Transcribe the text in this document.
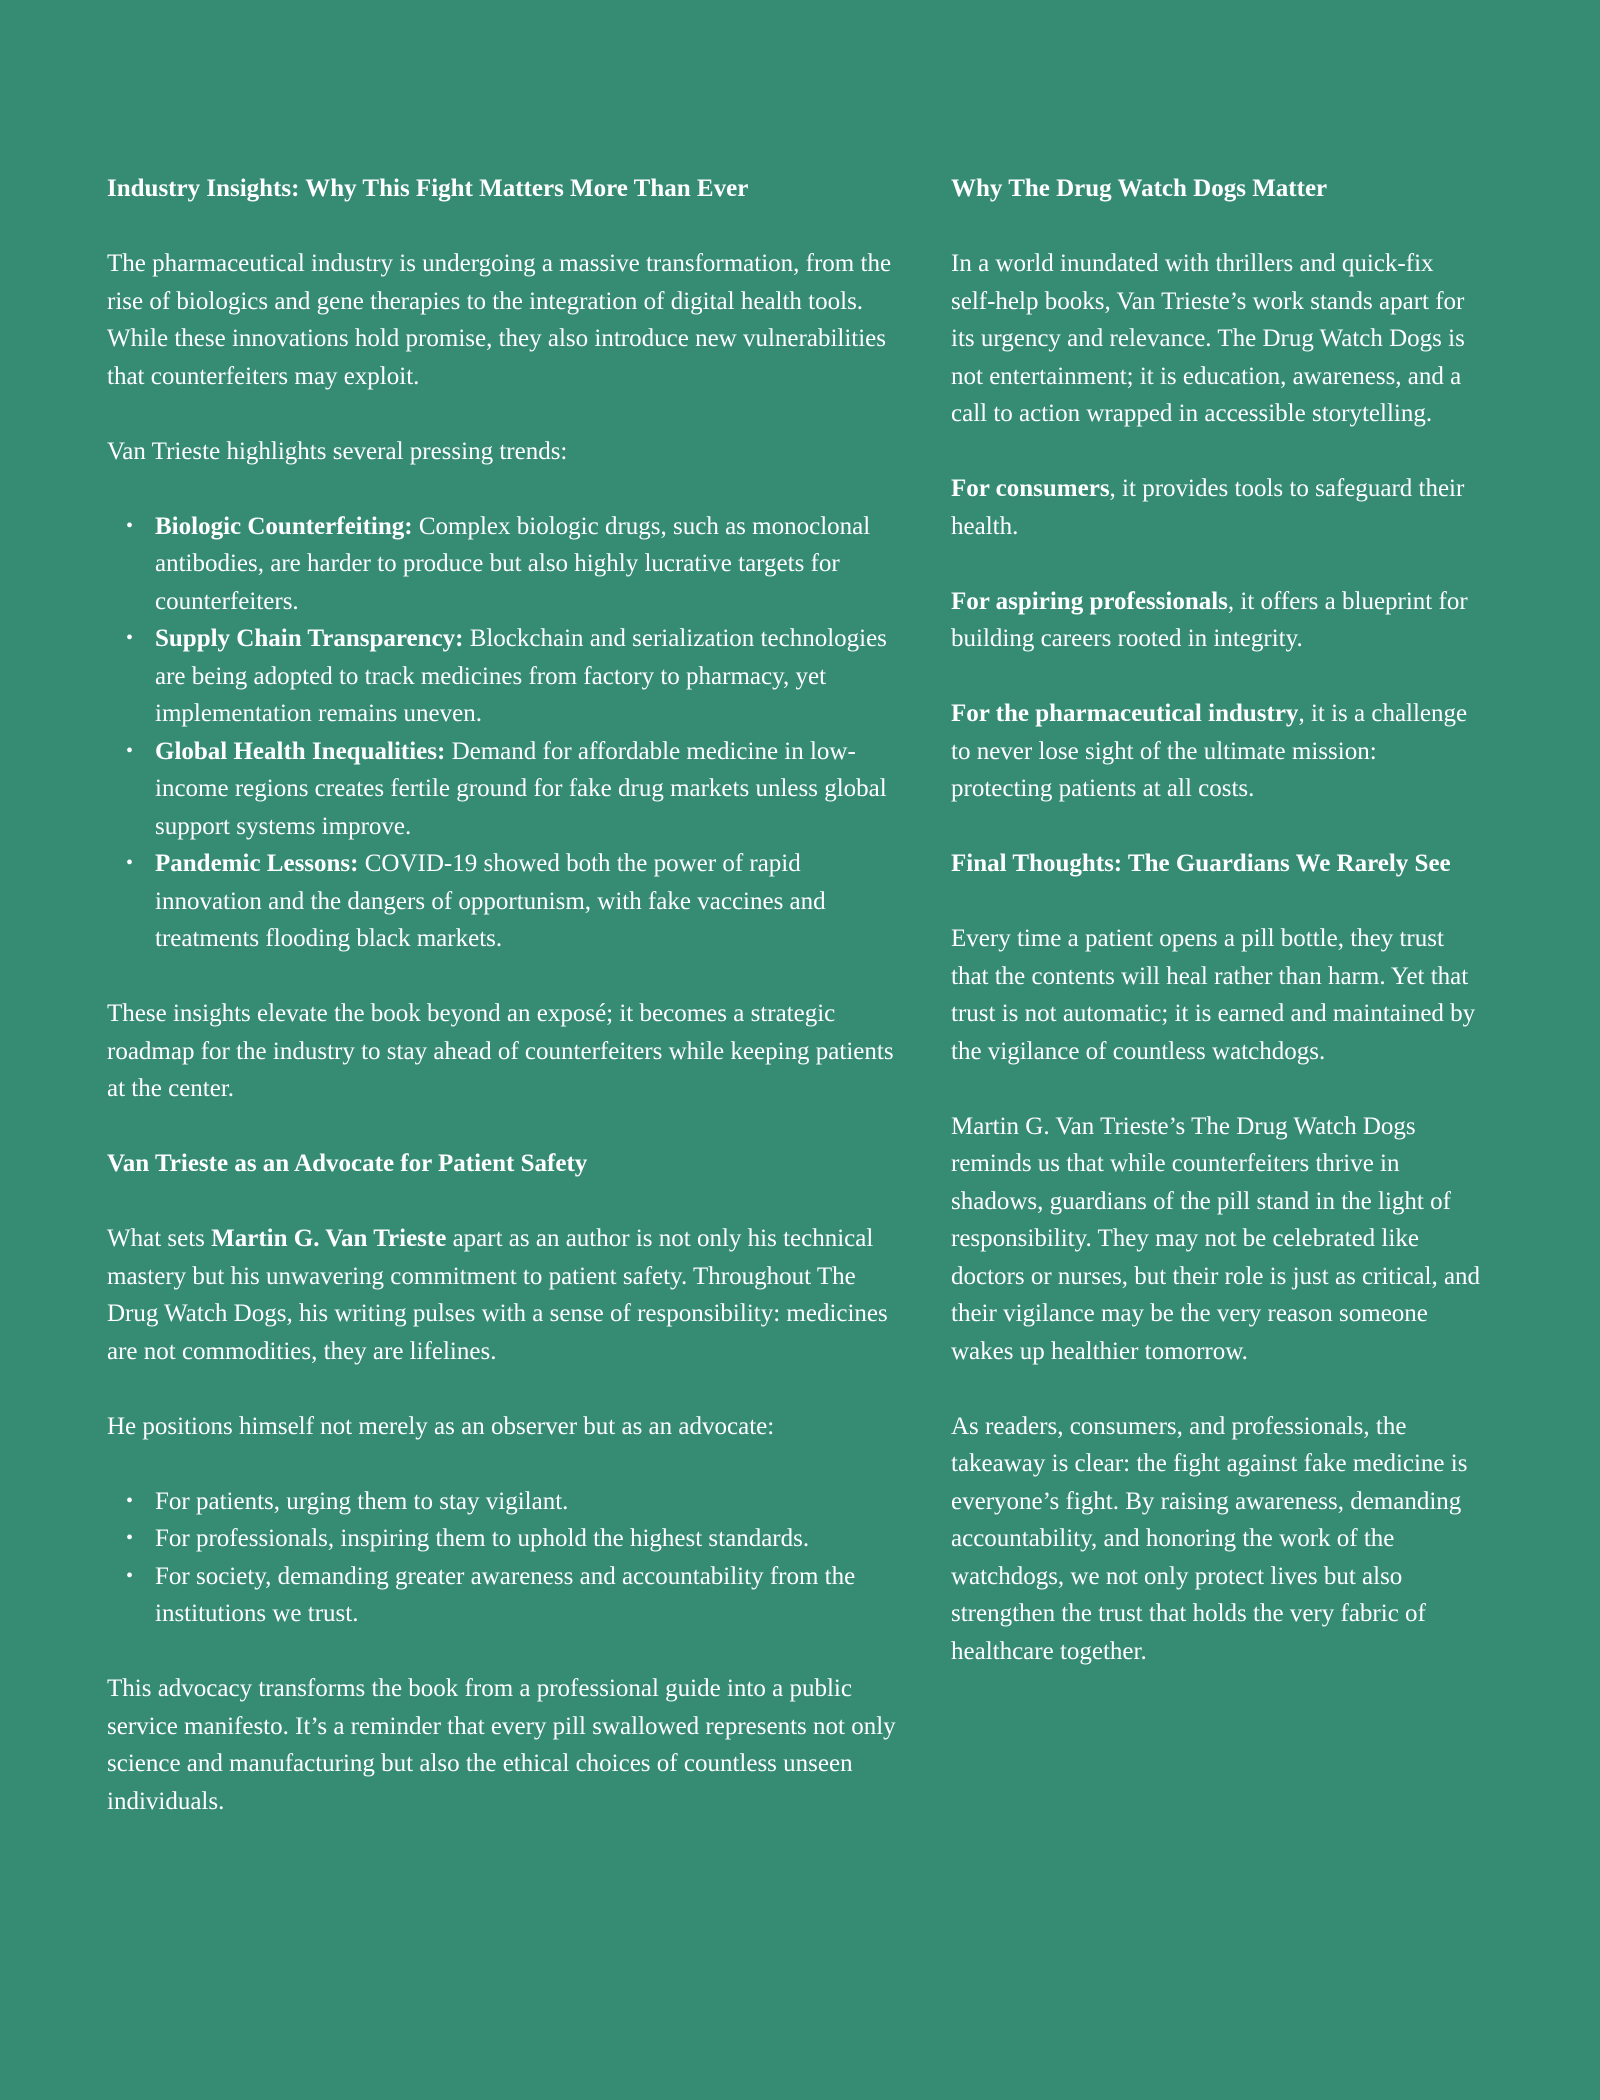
Industry Insights: Why This Fight Matters More Than Ever

The pharmaceutical industry is undergoing a massive transformation, from the rise of biologics and gene therapies to the integration of digital health tools. While these innovations hold promise, they also introduce new vulnerabilities that counterfeiters may exploit.

Van Trieste highlights several pressing trends:

• Biologic Counterfeiting: Complex biologic drugs, such as monoclonal antibodies, are harder to produce but also highly lucrative targets for counterfeiters.
• Supply Chain Transparency: Blockchain and serialization technologies are being adopted to track medicines from factory to pharmacy, yet implementation remains uneven.
• Global Health Inequalities: Demand for affordable medicine in low-income regions creates fertile ground for fake drug markets unless global support systems improve.
• Pandemic Lessons: COVID-19 showed both the power of rapid innovation and the dangers of opportunism, with fake vaccines and treatments flooding black markets.

These insights elevate the book beyond an exposé; it becomes a strategic roadmap for the industry to stay ahead of counterfeiters while keeping patients at the center.

Van Trieste as an Advocate for Patient Safety

What sets Martin G. Van Trieste apart as an author is not only his technical mastery but his unwavering commitment to patient safety. Throughout The Drug Watch Dogs, his writing pulses with a sense of responsibility: medicines are not commodities, they are lifelines.

He positions himself not merely as an observer but as an advocate:

• For patients, urging them to stay vigilant.
• For professionals, inspiring them to uphold the highest standards.
• For society, demanding greater awareness and accountability from the institutions we trust.

This advocacy transforms the book from a professional guide into a public service manifesto. It’s a reminder that every pill swallowed represents not only science and manufacturing but also the ethical choices of countless unseen individuals.

Why The Drug Watch Dogs Matter

In a world inundated with thrillers and quick-fix self-help books, Van Trieste’s work stands apart for its urgency and relevance. The Drug Watch Dogs is not entertainment; it is education, awareness, and a call to action wrapped in accessible storytelling.

For consumers, it provides tools to safeguard their health.

For aspiring professionals, it offers a blueprint for building careers rooted in integrity.

For the pharmaceutical industry, it is a challenge to never lose sight of the ultimate mission: protecting patients at all costs.

Final Thoughts: The Guardians We Rarely See

Every time a patient opens a pill bottle, they trust that the contents will heal rather than harm. Yet that trust is not automatic; it is earned and maintained by the vigilance of countless watchdogs.

Martin G. Van Trieste’s The Drug Watch Dogs reminds us that while counterfeiters thrive in shadows, guardians of the pill stand in the light of responsibility. They may not be celebrated like doctors or nurses, but their role is just as critical, and their vigilance may be the very reason someone wakes up healthier tomorrow.

As readers, consumers, and professionals, the takeaway is clear: the fight against fake medicine is everyone’s fight. By raising awareness, demanding accountability, and honoring the work of the watchdogs, we not only protect lives but also strengthen the trust that holds the very fabric of healthcare together.
